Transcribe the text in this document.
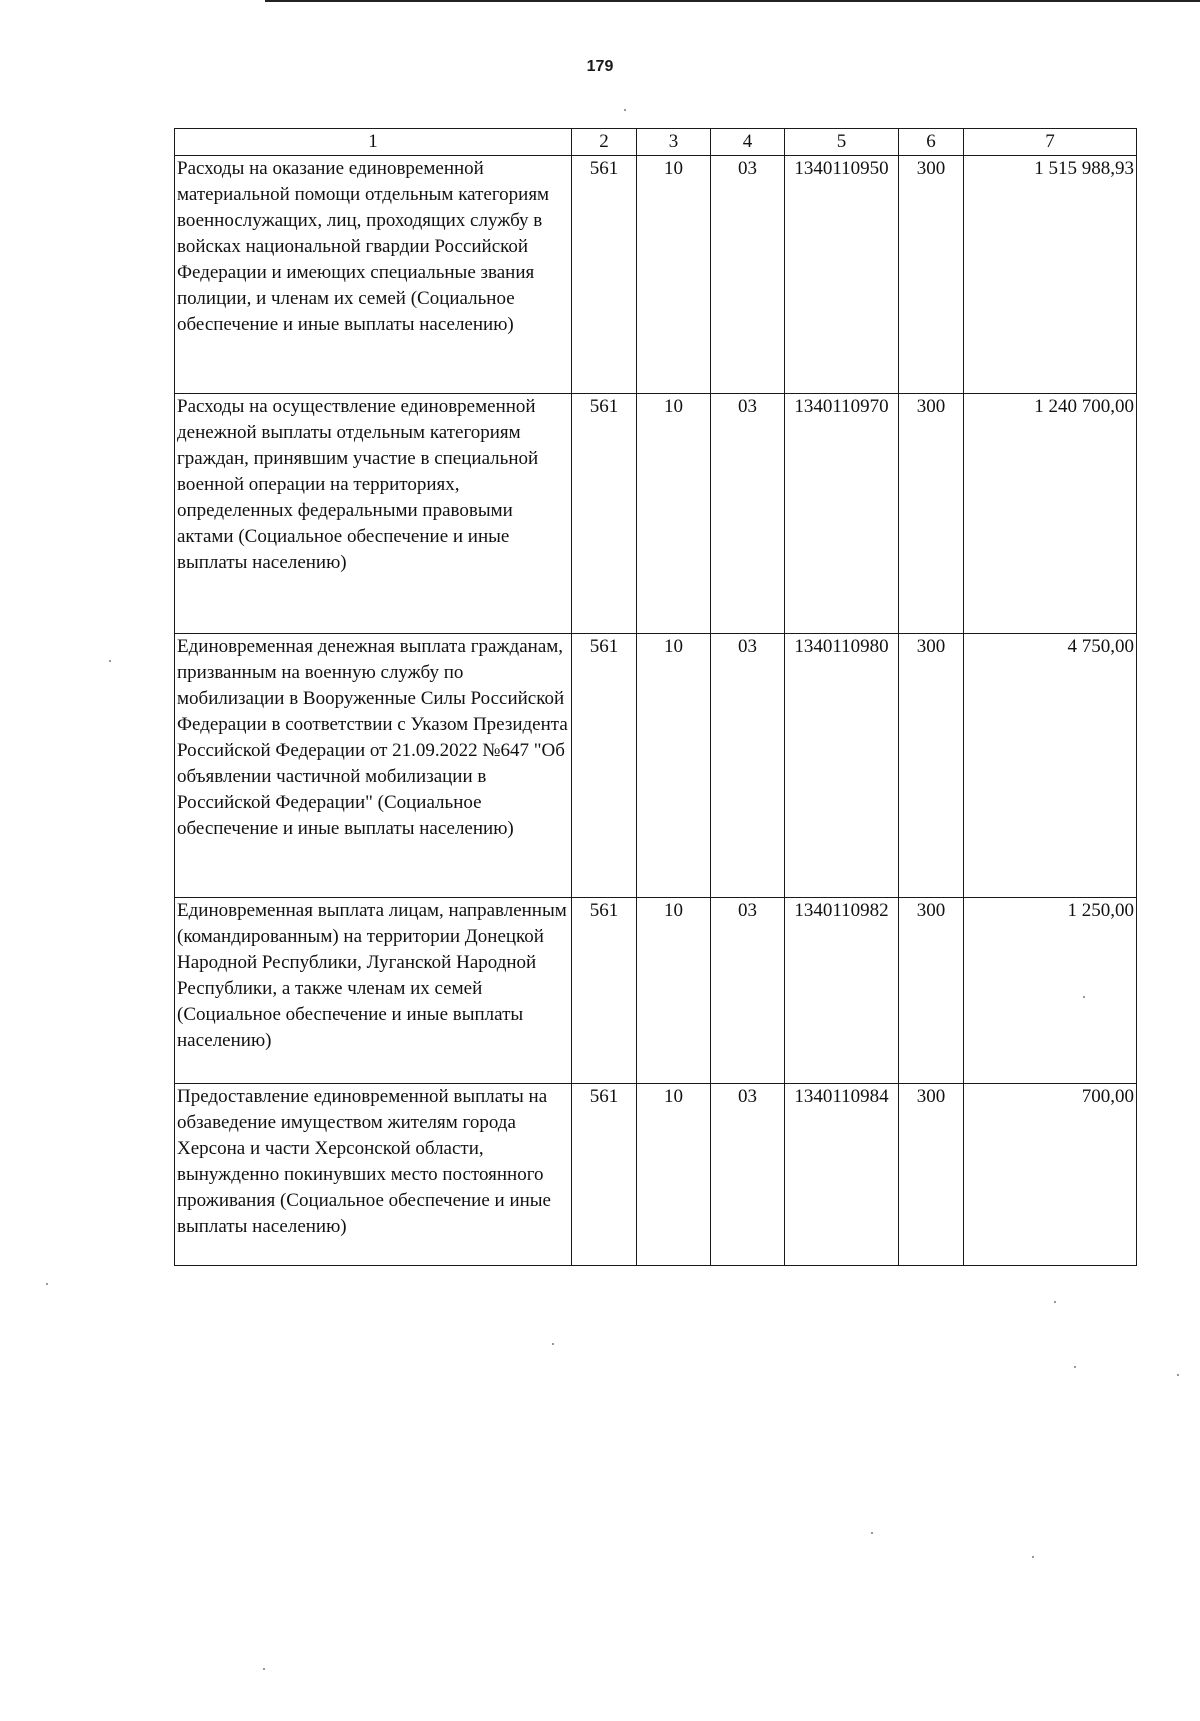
179
1	2	3	4	5	6	7
Расходы на оказание единовременной материальной помощи отдельным категориям военнослужащих, лиц, проходящих службу в войсках национальной гвардии Российской Федерации и имеющих специальные звания полиции, и членам их семей (Социальное обеспечение и иные выплаты населению)	561	10	03	1340110950	300	1 515 988,93
Расходы на осуществление единовременной денежной выплаты отдельным категориям граждан, принявшим участие в специальной военной операции на территориях, определенных федеральными правовыми актами (Социальное обеспечение и иные выплаты населению)	561	10	03	1340110970	300	1 240 700,00
Единовременная денежная выплата гражданам, призванным на военную службу по мобилизации в Вооруженные Силы Российской Федерации в соответствии с Указом Президента Российской Федерации от 21.09.2022 №647 "Об объявлении частичной мобилизации в Российской Федерации" (Социальное обеспечение и иные выплаты населению)	561	10	03	1340110980	300	4 750,00
Единовременная выплата лицам, направленным (командированным) на территории Донецкой Народной Республики, Луганской Народной Республики, а также членам их семей (Социальное обеспечение и иные выплаты населению)	561	10	03	1340110982	300	1 250,00
Предоставление единовременной выплаты на обзаведение имуществом жителям города Херсона и части Херсонской области, вынужденно покинувших место постоянного проживания (Социальное обеспечение и иные выплаты населению)	561	10	03	1340110984	300	700,00
